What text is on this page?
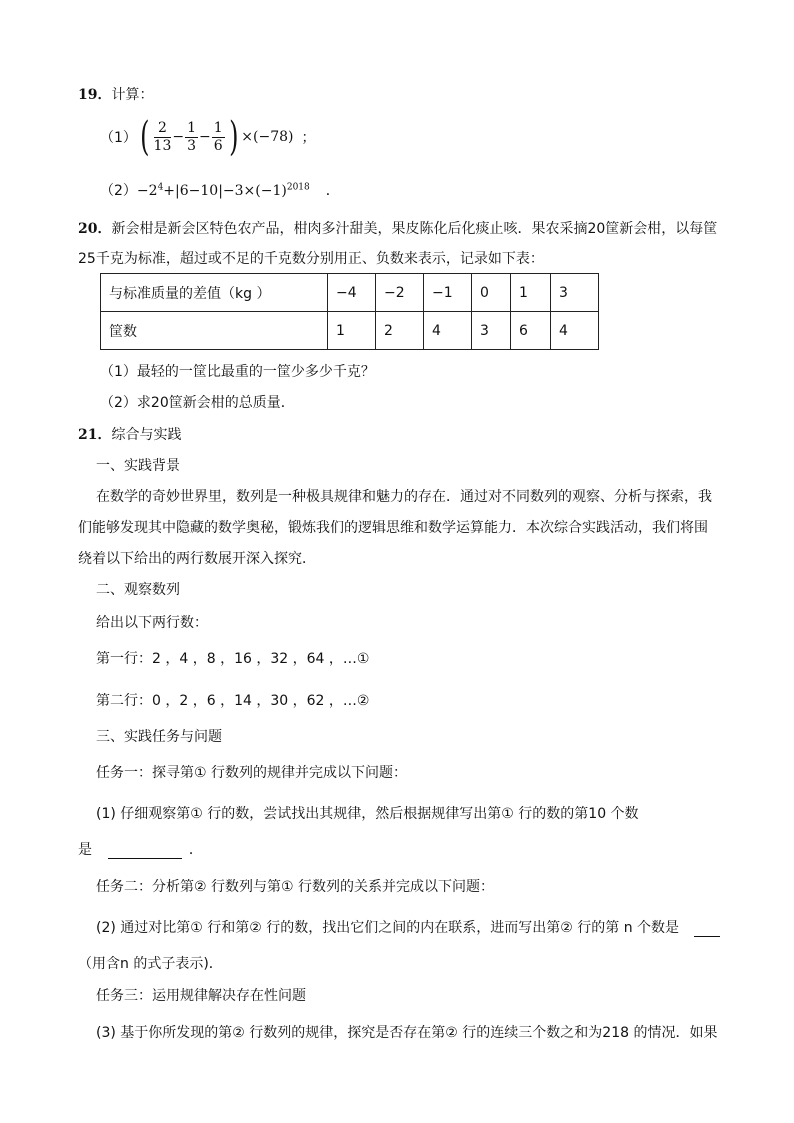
19．计算：
（1） ( $\frac{2}{13} - \frac{1}{3} - \frac{1}{6}$ ) ×(−78) ；
$(2)-2^4+|6-10|-3\times(-1)^{2018}$ ．
20．新会柑是新会区特色农产品，柑肉多汁甜美，果皮陈化后化痰止咳．果农采摘20筐新会柑，以每筐
25千克为标准，超过或不足的千克数分别用正、负数来表示，记录如下表：
与标准质量的差值（kg ）	−4	−2	−1	0	1	3
筐数	1	2	4	3	6	4
（1）最轻的一筐比最重的一筐少多少千克？
（2）求20筐新会柑的总质量．
21．综合与实践
一、实践背景
在数学的奇妙世界里，数列是一种极具规律和魅力的存在．通过对不同数列的观察、分析与探索，我
们能够发现其中隐藏的数学奥秘，锻炼我们的逻辑思维和数学运算能力．本次综合实践活动，我们将围
绕着以下给出的两行数展开深入探究．
二、观察数列
给出以下两行数：
第一行：2 ，4 ，8 ，16 ，32 ，64 ，…①
第二行：0 ，2 ，6 ，14 ，30 ，62 ，…②
三、实践任务与问题
任务一：探寻第① 行数列的规律并完成以下问题：
(1) 仔细观察第① 行的数，尝试找出其规律，然后根据规律写出第① 行的数的第10 个数
是	．
任务二：分析第② 行数列与第① 行数列的关系并完成以下问题：
(2) 通过对比第① 行和第② 行的数，找出它们之间的内在联系，进而写出第② 行的第 n 个数是
（用含n 的式子表示)．
任务三：运用规律解决存在性问题
(3) 基于你所发现的第② 行数列的规律，探究是否存在第② 行的连续三个数之和为218 的情况．如果
